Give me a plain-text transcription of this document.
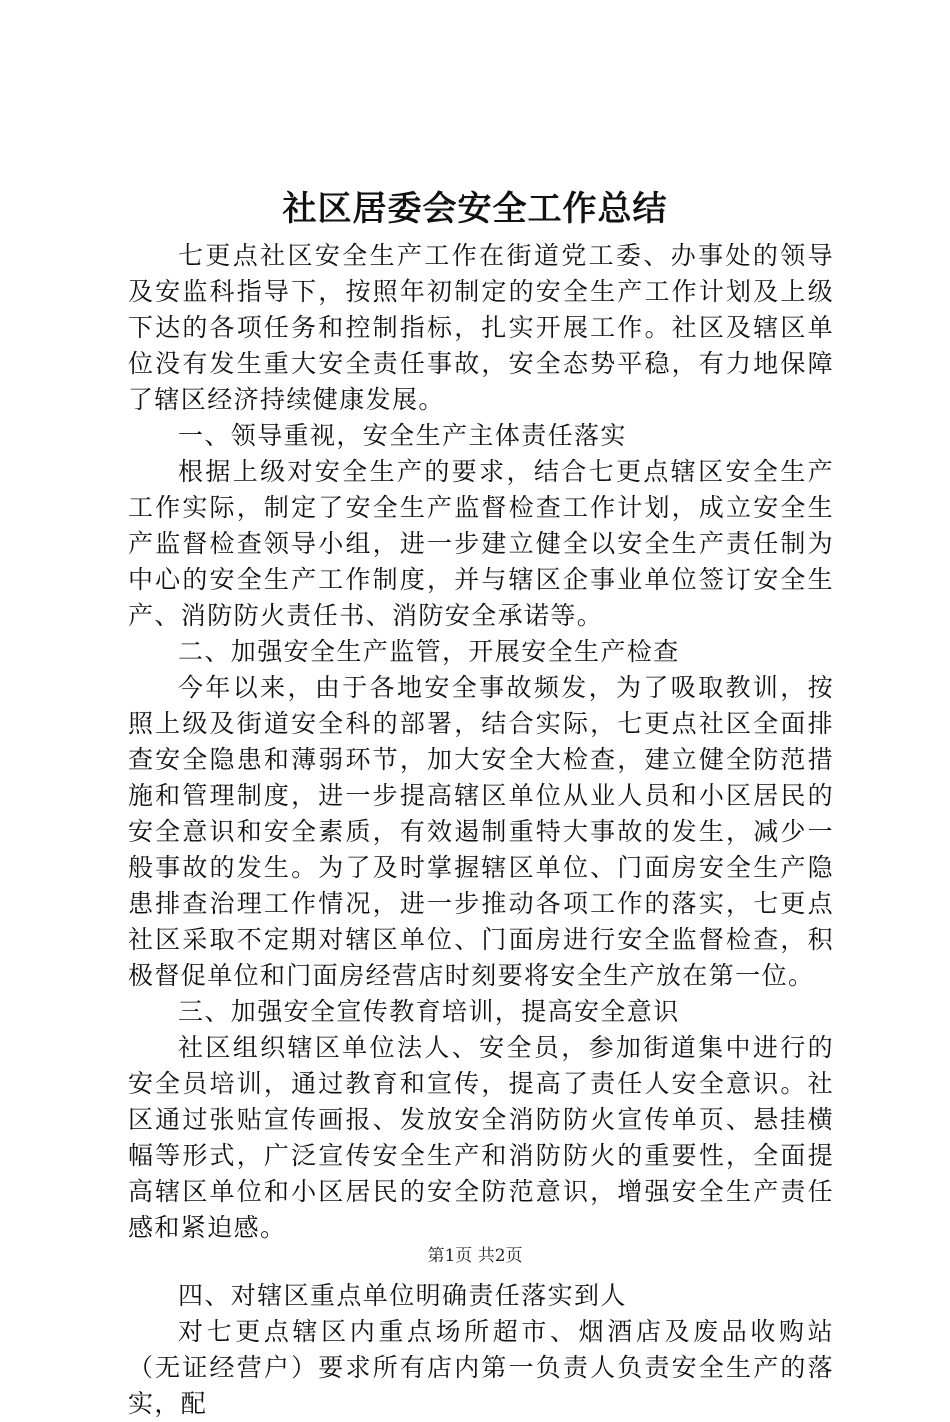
社区居委会安全工作总结

七更点社区安全生产工作在街道党工委、办事处的领导及安监科指导下，按照年初制定的安全生产工作计划及上级下达的各项任务和控制指标，扎实开展工作。社区及辖区单位没有发生重大安全责任事故，安全态势平稳，有力地保障了辖区经济持续健康发展。

一、领导重视，安全生产主体责任落实

根据上级对安全生产的要求，结合七更点辖区安全生产工作实际，制定了安全生产监督检查工作计划，成立安全生产监督检查领导小组，进一步建立健全以安全生产责任制为中心的安全生产工作制度，并与辖区企事业单位签订安全生产、消防防火责任书、消防安全承诺等。

二、加强安全生产监管，开展安全生产检查

今年以来，由于各地安全事故频发，为了吸取教训，按照上级及街道安全科的部署，结合实际，七更点社区全面排查安全隐患和薄弱环节，加大安全大检查，建立健全防范措施和管理制度，进一步提高辖区单位从业人员和小区居民的安全意识和安全素质，有效遏制重特大事故的发生，减少一般事故的发生。为了及时掌握辖区单位、门面房安全生产隐患排查治理工作情况，进一步推动各项工作的落实，七更点社区采取不定期对辖区单位、门面房进行安全监督检查，积极督促单位和门面房经营店时刻要将安全生产放在第一位。

三、加强安全宣传教育培训，提高安全意识

社区组织辖区单位法人、安全员，参加街道集中进行的安全员培训，通过教育和宣传，提高了责任人安全意识。社区通过张贴宣传画报、发放安全消防防火宣传单页、悬挂横幅等形式，广泛宣传安全生产和消防防火的重要性，全面提高辖区单位和小区居民的安全防范意识，增强安全生产责任感和紧迫感。

四、对辖区重点单位明确责任落实到人

对七更点辖区内重点场所超市、烟酒店及废品收购站（无证经营户）要求所有店内第一负责人负责安全生产的落实，配

第1页 共2页
